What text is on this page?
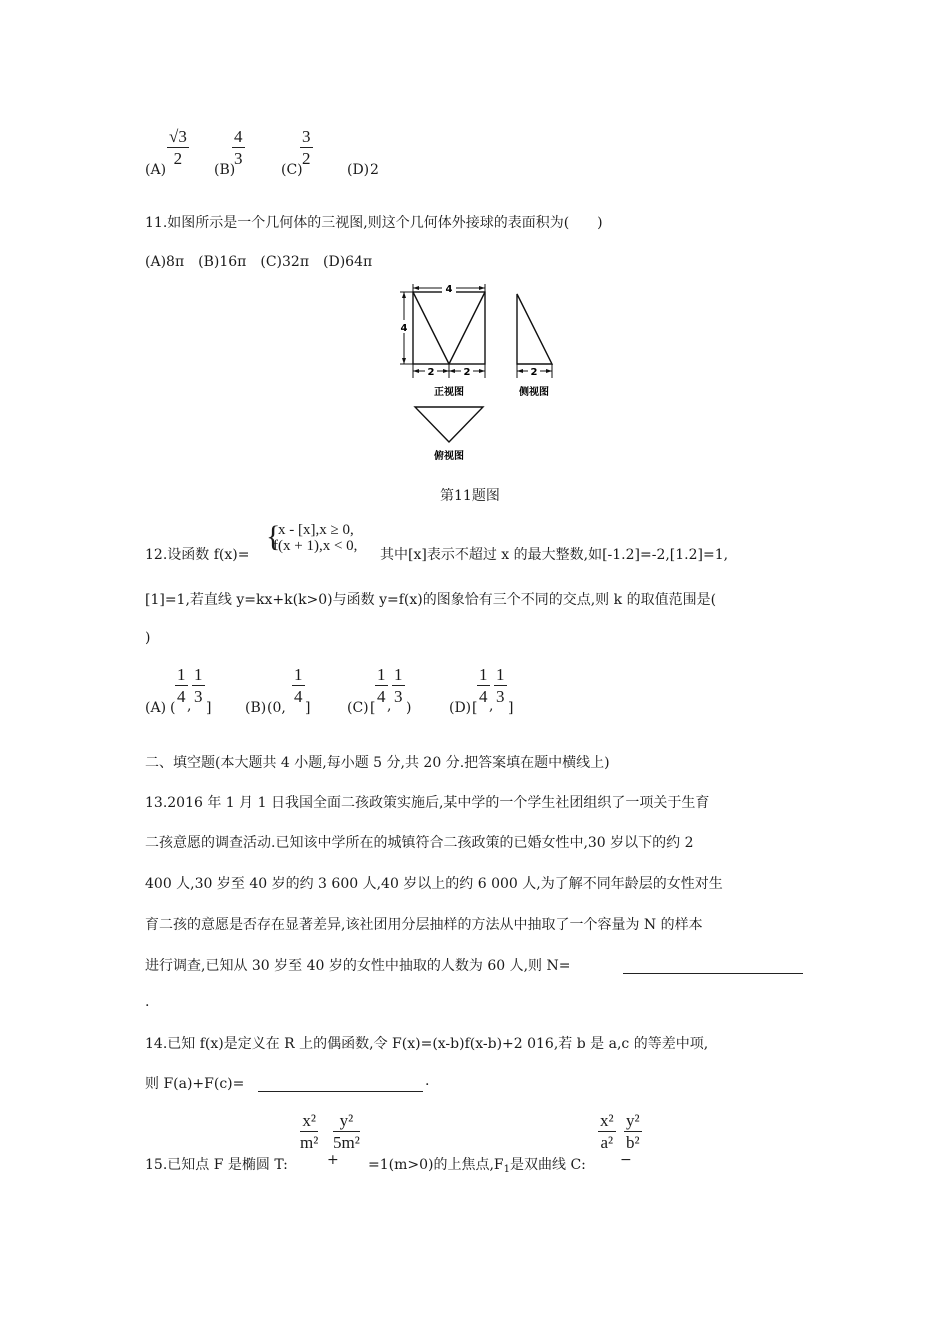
(A)
$\frac{√3}{2}$
(B)
$\frac{4}{3}$
(C)
$\frac{3}{2}$
(D) 2
11.如图所示是一个几何体的三视图,则这个几何体外接球的表面积为(　　)
(A)8π　(B)16π　(C)32π　(D)64π
4
4
2	2
正视图
2
侧视图
俯视图
第11题图
12.设函数 f(x)=
{
x - [x],x ≥ 0,
f(x + 1),x < 0,
其中[x]表示不超过 x 的最大整数,如[-1.2]=-2,[1.2]=1,
[1]=1,若直线 y=kx+k(k>0)与函数 y=f(x)的图象恰有三个不同的交点,则 k 的取值范围是(
)
(A) (
$\frac{1}{4}$
,
$\frac{1}{3}$
] (B) (0,
$\frac{1}{4}$
]	(C) [
$\frac{1}{4}$
,
$\frac{1}{3}$
)	(D) [
$\frac{1}{4}$
,
$\frac{1}{3}$
]
二、填空题(本大题共 4 小题,每小题 5 分,共 20 分.把答案填在题中横线上)
13.2016 年 1 月 1 日我国全面二孩政策实施后,某中学的一个学生社团组织了一项关于生育
二孩意愿的调查活动.已知该中学所在的城镇符合二孩政策的已婚女性中,30 岁以下的约 2
400 人,30 岁至 40 岁的约 3 600 人,40 岁以上的约 6 000 人,为了解不同年龄层的女性对生
育二孩的意愿是否存在显著差异,该社团用分层抽样的方法从中抽取了一个容量为 N 的样本
进行调查,已知从 30 岁至 40 岁的女性中抽取的人数为 60 人,则 N=
.
14.已知 f(x)是定义在 R 上的偶函数,令 F(x)=(x-b)f(x-b)+2 016,若 b 是 a,c 的等差中项,
则 F(a)+F(c)=	.
15.已知点 F 是椭圆 T:
$\frac{\text{x²}}{\text{m²}}$
+
$\frac{\text{y²}}{\text{5m²}}$
=1(m>0)的上焦点$,F_1$是双曲线 C:
$\frac{\text{x²}}{\text{a²}}$
−
$\frac{\text{y²}}{\text{b²}}$
